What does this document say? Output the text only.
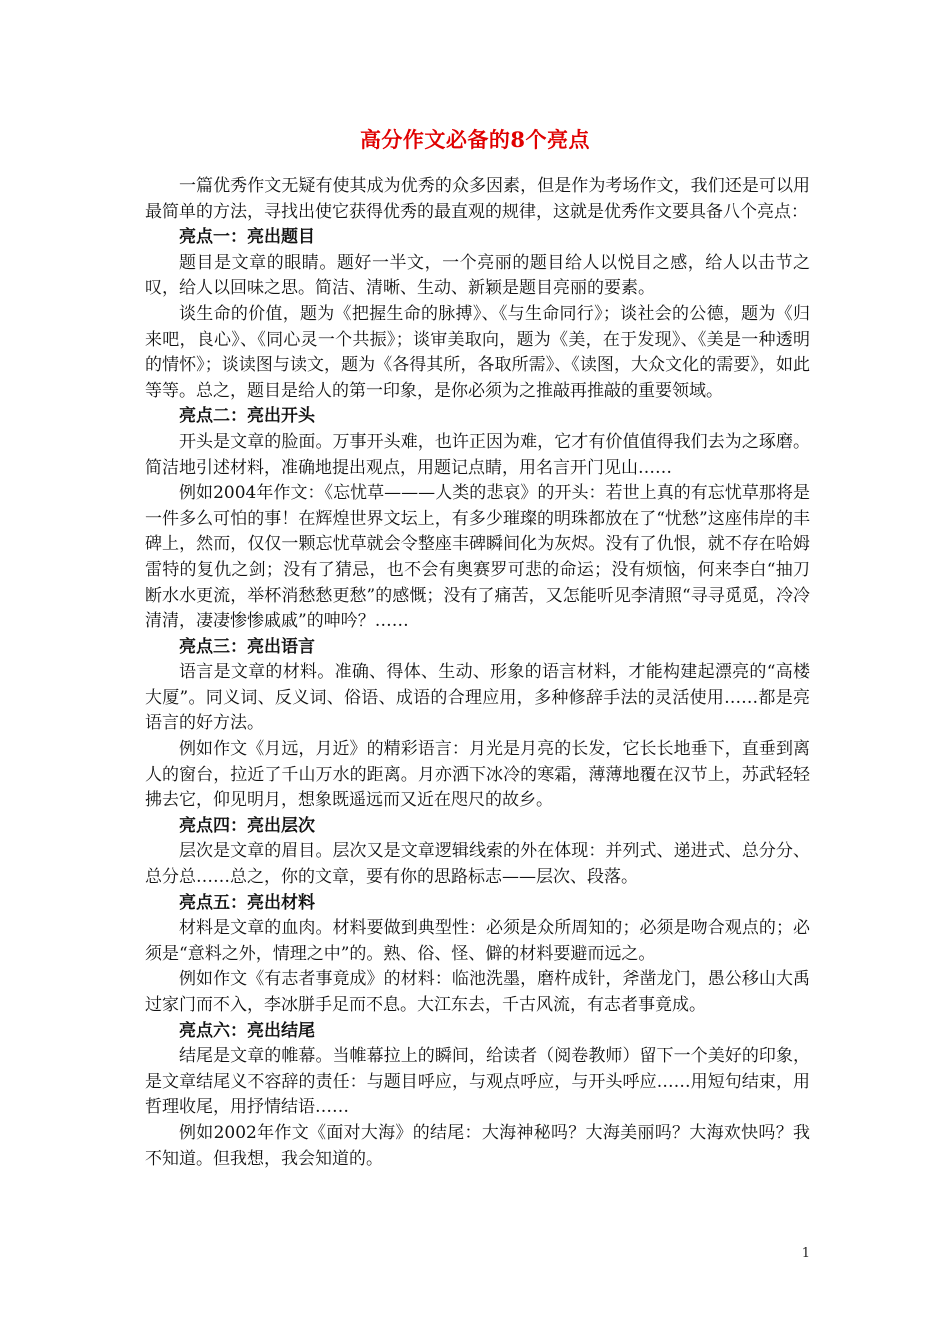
高分作文必备的8个亮点

一篇优秀作文无疑有使其成为优秀的众多因素，但是作为考场作文，我们还是可以用最简单的方法，寻找出使它获得优秀的最直观的规律，这就是优秀作文要具备八个亮点：

亮点一：亮出题目

题目是文章的眼睛。题好一半文，一个亮丽的题目给人以悦目之感，给人以击节之叹，给人以回味之思。简洁、清晰、生动、新颖是题目亮丽的要素。

谈生命的价值，题为《把握生命的脉搏》、《与生命同行》；谈社会的公德，题为《归来吧，良心》、《同心灵一个共振》；谈审美取向，题为《美，在于发现》、《美是一种透明的情怀》；谈读图与读文，题为《各得其所，各取所需》、《读图，大众文化的需要》，如此等等。总之，题目是给人的第一印象，是你必须为之推敲再推敲的重要领域。

亮点二：亮出开头

开头是文章的脸面。万事开头难，也许正因为难，它才有价值值得我们去为之琢磨。简洁地引述材料，准确地提出观点，用题记点睛，用名言开门见山……

例如2004年作文：《忘忧草———人类的悲哀》的开头：若世上真的有忘忧草那将是一件多么可怕的事！在辉煌世界文坛上，有多少璀璨的明珠都放在了“忧愁”这座伟岸的丰碑上，然而，仅仅一颗忘忧草就会令整座丰碑瞬间化为灰烬。没有了仇恨，就不存在哈姆雷特的复仇之剑；没有了猜忌，也不会有奥赛罗可悲的命运；没有烦恼，何来李白“抽刀断水水更流，举杯消愁愁更愁”的感慨；没有了痛苦，又怎能听见李清照“寻寻觅觅，冷冷清清，凄凄惨惨戚戚”的呻吟？……

亮点三：亮出语言

语言是文章的材料。准确、得体、生动、形象的语言材料，才能构建起漂亮的“高楼大厦”。同义词、反义词、俗语、成语的合理应用，多种修辞手法的灵活使用……都是亮语言的好方法。

例如作文《月远，月近》的精彩语言：月光是月亮的长发，它长长地垂下，直垂到离人的窗台，拉近了千山万水的距离。月亦洒下冰冷的寒霜，薄薄地覆在汉节上，苏武轻轻拂去它，仰见明月，想象既遥远而又近在咫尺的故乡。

亮点四：亮出层次

层次是文章的眉目。层次又是文章逻辑线索的外在体现：并列式、递进式、总分分、总分总……总之，你的文章，要有你的思路标志——层次、段落。

亮点五：亮出材料

材料是文章的血肉。材料要做到典型性：必须是众所周知的；必须是吻合观点的；必须是“意料之外，情理之中”的。熟、俗、怪、僻的材料要避而远之。

例如作文《有志者事竟成》的材料：临池洗墨，磨杵成针，斧凿龙门，愚公移山大禹过家门而不入，李冰胼手足而不息。大江东去，千古风流，有志者事竟成。

亮点六：亮出结尾

结尾是文章的帷幕。当帷幕拉上的瞬间，给读者（阅卷教师）留下一个美好的印象，是文章结尾义不容辞的责任：与题目呼应，与观点呼应，与开头呼应……用短句结束，用哲理收尾，用抒情结语……

例如2002年作文《面对大海》的结尾：大海神秘吗？大海美丽吗？大海欢快吗？我不知道。但我想，我会知道的。

1
